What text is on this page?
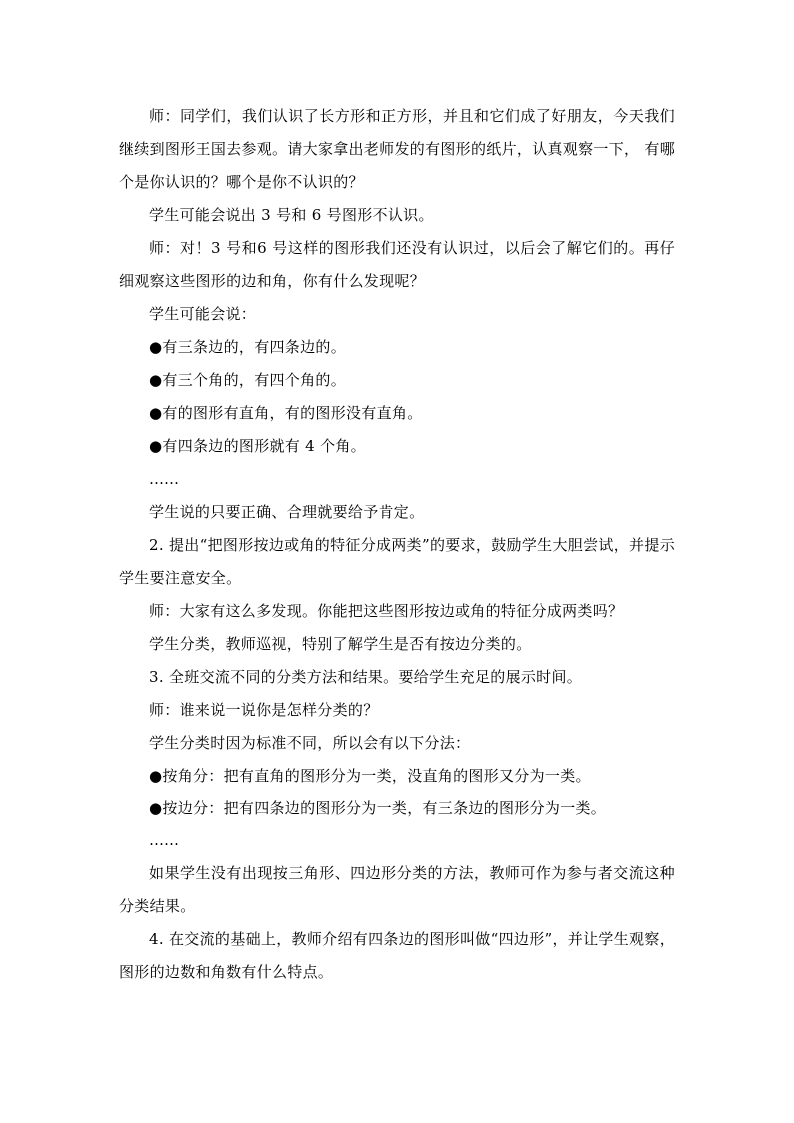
师：同学们，我们认识了长方形和正方形，并且和它们成了好朋友，今天我们继续到图形王国去参观。请大家拿出老师发的有图形的纸片，认真观察一下， 有哪个是你认识的？哪个是你不认识的？

学生可能会说出 3 号和 6 号图形不认识。

师：对！3 号和6 号这样的图形我们还没有认识过，以后会了解它们的。再仔细观察这些图形的边和角，你有什么发现呢？

学生可能会说：

●有三条边的，有四条边的。

●有三个角的，有四个角的。

●有的图形有直角，有的图形没有直角。

●有四条边的图形就有 4 个角。

……

学生说的只要正确、合理就要给予肯定。

2. 提出“把图形按边或角的特征分成两类”的要求，鼓励学生大胆尝试，并提示学生要注意安全。

师：大家有这么多发现。你能把这些图形按边或角的特征分成两类吗？

学生分类，教师巡视，特别了解学生是否有按边分类的。

3. 全班交流不同的分类方法和结果。要给学生充足的展示时间。

师：谁来说一说你是怎样分类的？

学生分类时因为标准不同，所以会有以下分法：

●按角分：把有直角的图形分为一类，没直角的图形又分为一类。

●按边分：把有四条边的图形分为一类，有三条边的图形分为一类。

……

如果学生没有出现按三角形、四边形分类的方法，教师可作为参与者交流这种分类结果。

4. 在交流的基础上，教师介绍有四条边的图形叫做“四边形”，并让学生观察，图形的边数和角数有什么特点。
